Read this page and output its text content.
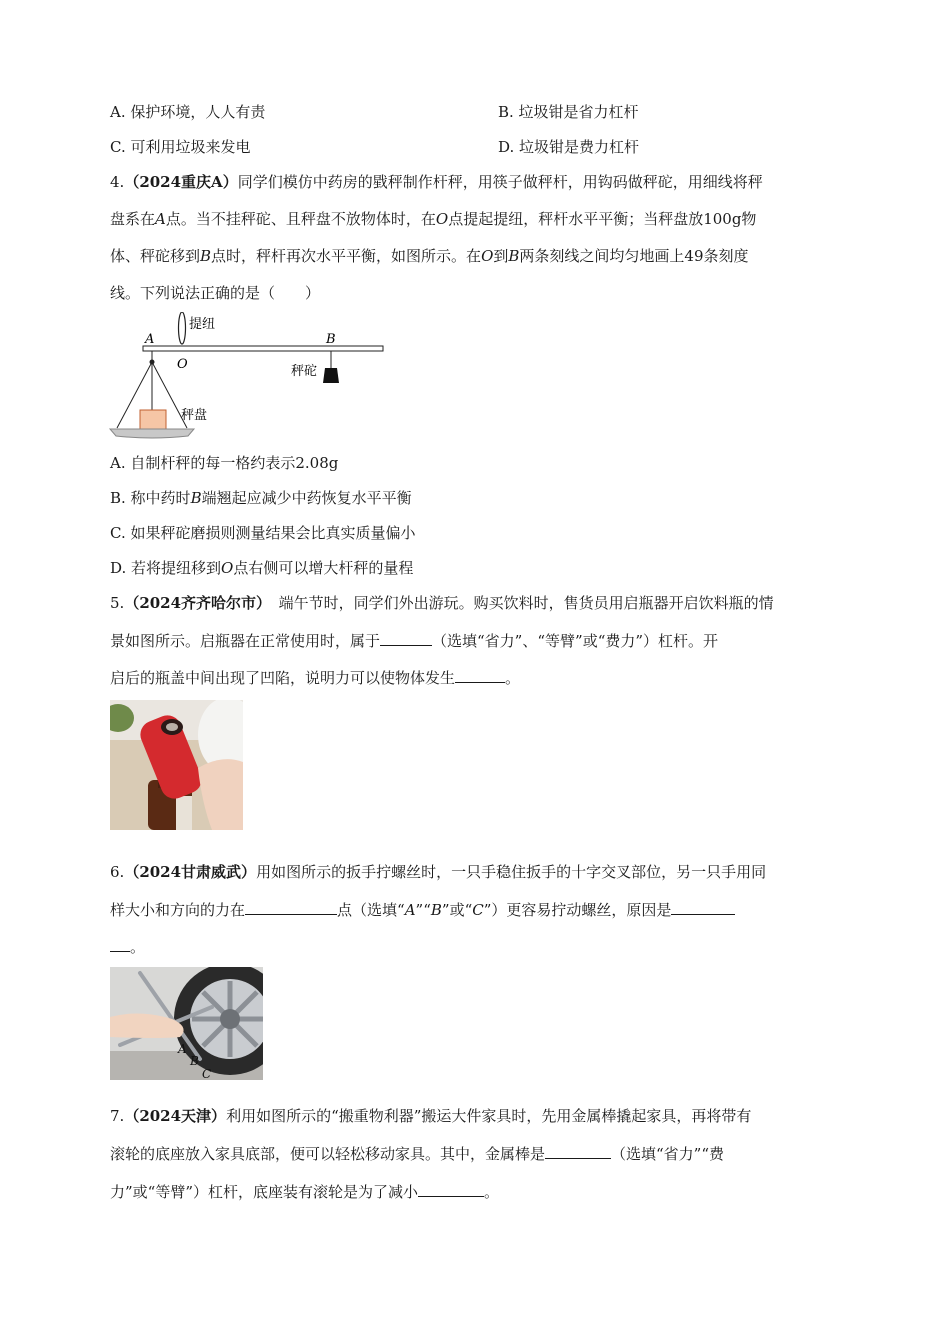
A. 保护环境，人人有责	B. 垃圾钳是省力杠杆
C. 可利用垃圾来发电	D. 垃圾钳是费力杠杆
4.（2024重庆A）同学们模仿中药房的戥秤制作杆秤，用筷子做秤杆，用钩码做秤砣，用细线将秤
盘系在A点。当不挂秤砣、且秤盘不放物体时，在O点提起提纽，秤杆水平平衡；当秤盘放100g物
体、秤砣移到B点时，秤杆再次水平平衡，如图所示。在O到B两条刻线之间均匀地画上49条刻度
线。下列说法正确的是（　　）
提纽
A
O
B
秤砣
秤盘
A. 自制杆秤的每一格约表示2.08g
B. 称中药时B端翘起应减少中药恢复水平平衡
C. 如果秤砣磨损则测量结果会比真实质量偏小
D. 若将提纽移到O点右侧可以增大杆秤的量程
5.（2024齐齐哈尔市）　端午节时，同学们外出游玩。购买饮料时，售货员用启瓶器开启饮料瓶的情
景如图所示。启瓶器在正常使用时，属于	（选填“省力”、“等臂”或“费力”）杠杆。开
启后的瓶盖中间出现了凹陷，说明力可以使物体发生	。
6.（2024甘肃威武）用如图所示的扳手拧螺丝时，一只手稳住扳手的十字交叉部位，另一只手用同
样大小和方向的力在	点（选填“A”“B”或“C”）更容易拧动螺丝，原因是
。
A
B
C
7.（2024天津）利用如图所示的“搬重物利器”搬运大件家具时，先用金属棒撬起家具，再将带有
滚轮的底座放入家具底部，便可以轻松移动家具。其中，金属棒是	（选填“省力”“费
力”或“等臂”）杠杆，底座装有滚轮是为了减小	。
